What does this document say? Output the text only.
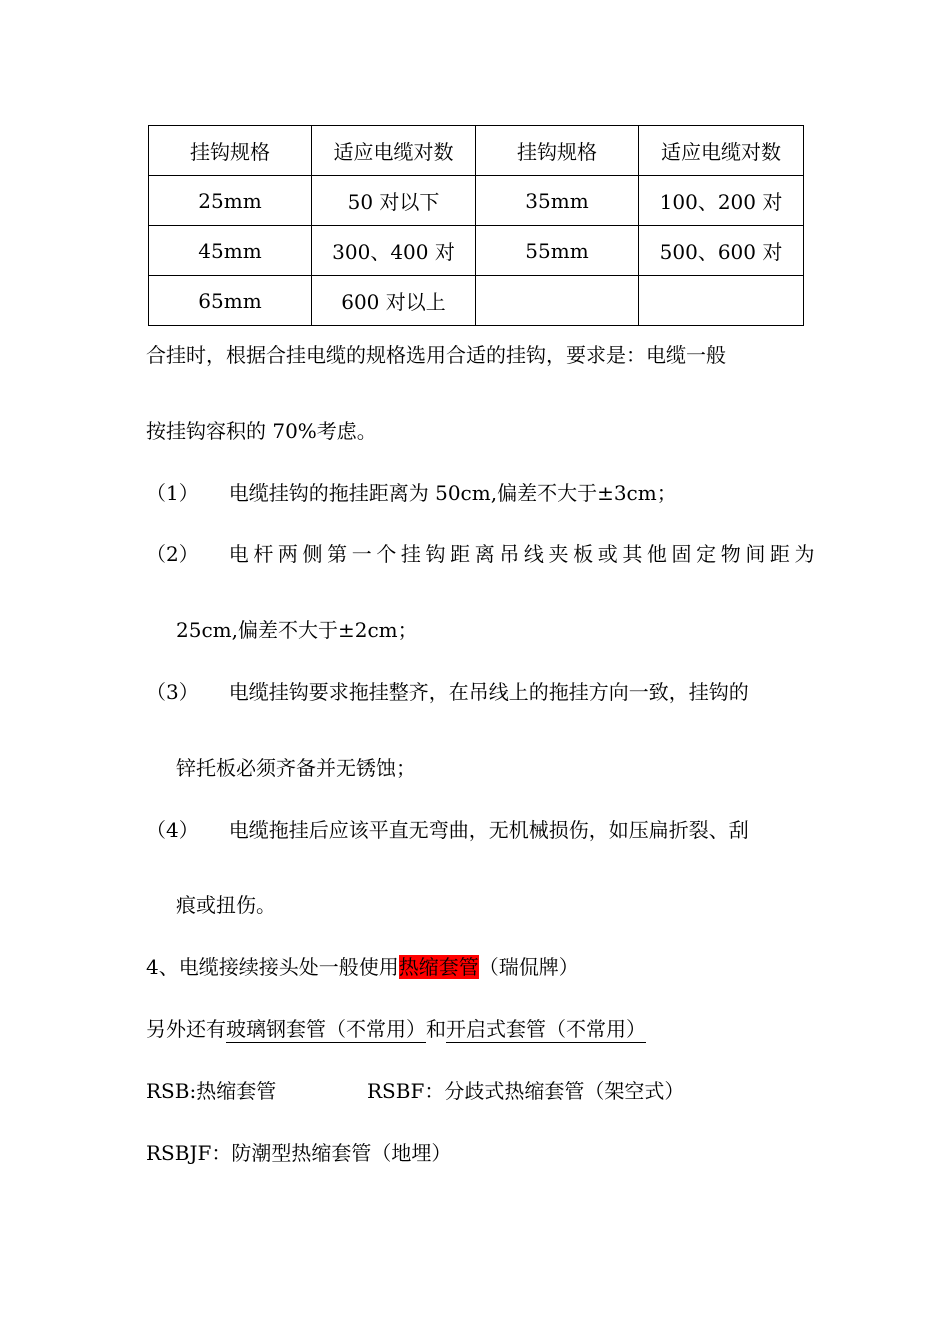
挂钩规格	适应电缆对数	挂钩规格	适应电缆对数
25mm	50 对以下	35mm	100、200 对
45mm	300、400 对	55mm	500、600 对
65mm	600 对以上		
合挂时，根据合挂电缆的规格选用合适的挂钩，要求是：电缆一般
按挂钩容积的 70%考虑。
（1） 电缆挂钩的拖挂距离为 50cm,偏差不大于±3cm；
（2） 电杆两侧第一个挂钩距离吊线夹板或其他固定物间距为
25cm,偏差不大于±2cm；
（3） 电缆挂钩要求拖挂整齐，在吊线上的拖挂方向一致，挂钩的
锌托板必须齐备并无锈蚀；
（4） 电缆拖挂后应该平直无弯曲，无机械损伤，如压扁折裂、刮
痕或扭伤。
4、电缆接续接头处一般使用热缩套管（瑞侃牌）
另外还有玻璃钢套管（不常用）和开启式套管（不常用）
RSB:热缩套管	RSBF：分歧式热缩套管（架空式）
RSBJF：防潮型热缩套管（地埋）
